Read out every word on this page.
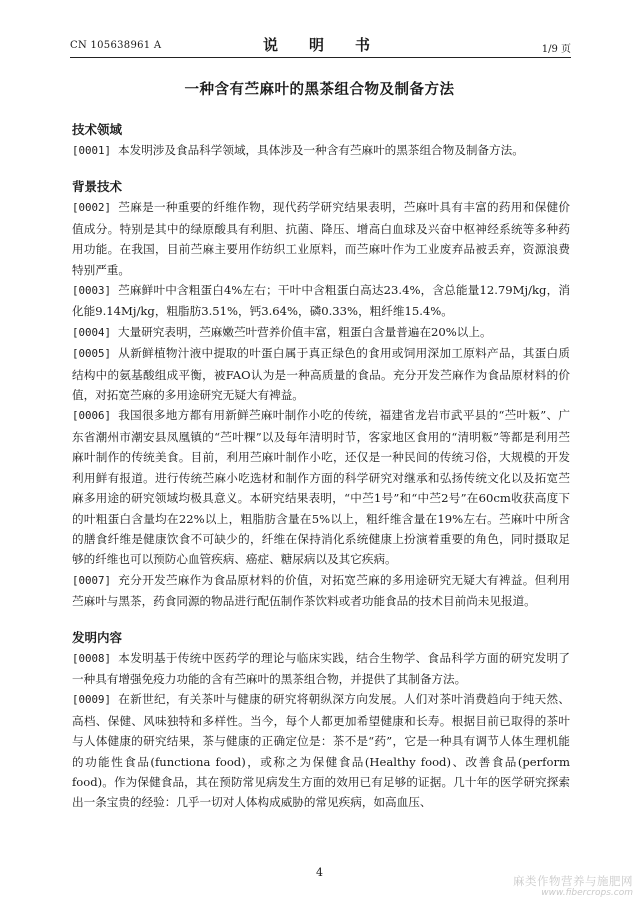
CN 105638961 A	说　明　书	1/9 页
一种含有苎麻叶的黑茶组合物及制备方法
技术领域

[0001] 本发明涉及食品科学领域，具体涉及一种含有苎麻叶的黑茶组合物及制备方法。

背景技术

[0002] 苎麻是一种重要的纤维作物，现代药学研究结果表明，苎麻叶具有丰富的药用和保健价值成分。特别是其中的绿原酸具有利胆、抗菌、降压、增高白血球及兴奋中枢神经系统等多种药用功能。在我国，目前苎麻主要用作纺织工业原料，而苎麻叶作为工业废弃品被丢弃，资源浪费特别严重。

[0003] 苎麻鲜叶中含粗蛋白4%左右；干叶中含粗蛋白高达23.4%，含总能量12.79Mj/kg，消化能9.14Mj/kg，粗脂肪3.51%，钙3.64%，磷0.33%，粗纤维15.4%。

[0004] 大量研究表明，苎麻嫩苎叶营养价值丰富，粗蛋白含量普遍在20%以上。

[0005] 从新鲜植物汁液中提取的叶蛋白属于真正绿色的食用或饲用深加工原料产品，其蛋白质结构中的氨基酸组成平衡，被FAO认为是一种高质量的食品。充分开发苎麻作为食品原材料的价值，对拓宽苎麻的多用途研究无疑大有裨益。

[0006] 我国很多地方都有用新鲜苎麻叶制作小吃的传统，福建省龙岩市武平县的“苎叶粄”、广东省潮州市潮安县凤凰镇的“苎叶粿”以及每年清明时节，客家地区食用的“清明粄”等都是利用苎麻叶制作的传统美食。目前，利用苎麻叶制作小吃，还仅是一种民间的传统习俗，大规模的开发利用鲜有报道。进行传统苎麻小吃选材和制作方面的科学研究对继承和弘扬传统文化以及拓宽苎麻多用途的研究领域均极具意义。本研究结果表明，“中苎1号”和“中苎2号”在60cm收获高度下的叶粗蛋白含量均在22%以上，粗脂肪含量在5%以上，粗纤维含量在19%左右。苎麻叶中所含的膳食纤维是健康饮食不可缺少的，纤维在保持消化系统健康上扮演着重要的角色，同时摄取足够的纤维也可以预防心血管疾病、癌症、糖尿病以及其它疾病。

[0007] 充分开发苎麻作为食品原材料的价值，对拓宽苎麻的多用途研究无疑大有裨益。但利用苎麻叶与黑茶，药食同源的物品进行配伍制作茶饮料或者功能食品的技术目前尚未见报道。

发明内容

[0008] 本发明基于传统中医药学的理论与临床实践，结合生物学、食品科学方面的研究发明了一种具有增强免疫力功能的含有苎麻叶的黑茶组合物，并提供了其制备方法。

[0009] 在新世纪，有关茶叶与健康的研究将朝纵深方向发展。人们对茶叶消费趋向于纯天然、高档、保健、风味独特和多样性。当今，每个人都更加希望健康和长寿。根据目前已取得的茶叶与人体健康的研究结果，茶与健康的正确定位是：茶不是“药”，它是一种具有调节人体生理机能的功能性食品(functiona food)，或称之为保健食品(Healthy food)、改善食品(perform food)。作为保健食品，其在预防常见病发生方面的效用已有足够的证据。几十年的医学研究探索出一条宝贵的经验：几乎一切对人体构成威胁的常见疾病，如高血压、

4
麻类作物营养与施肥网
www.fibercrops.com
